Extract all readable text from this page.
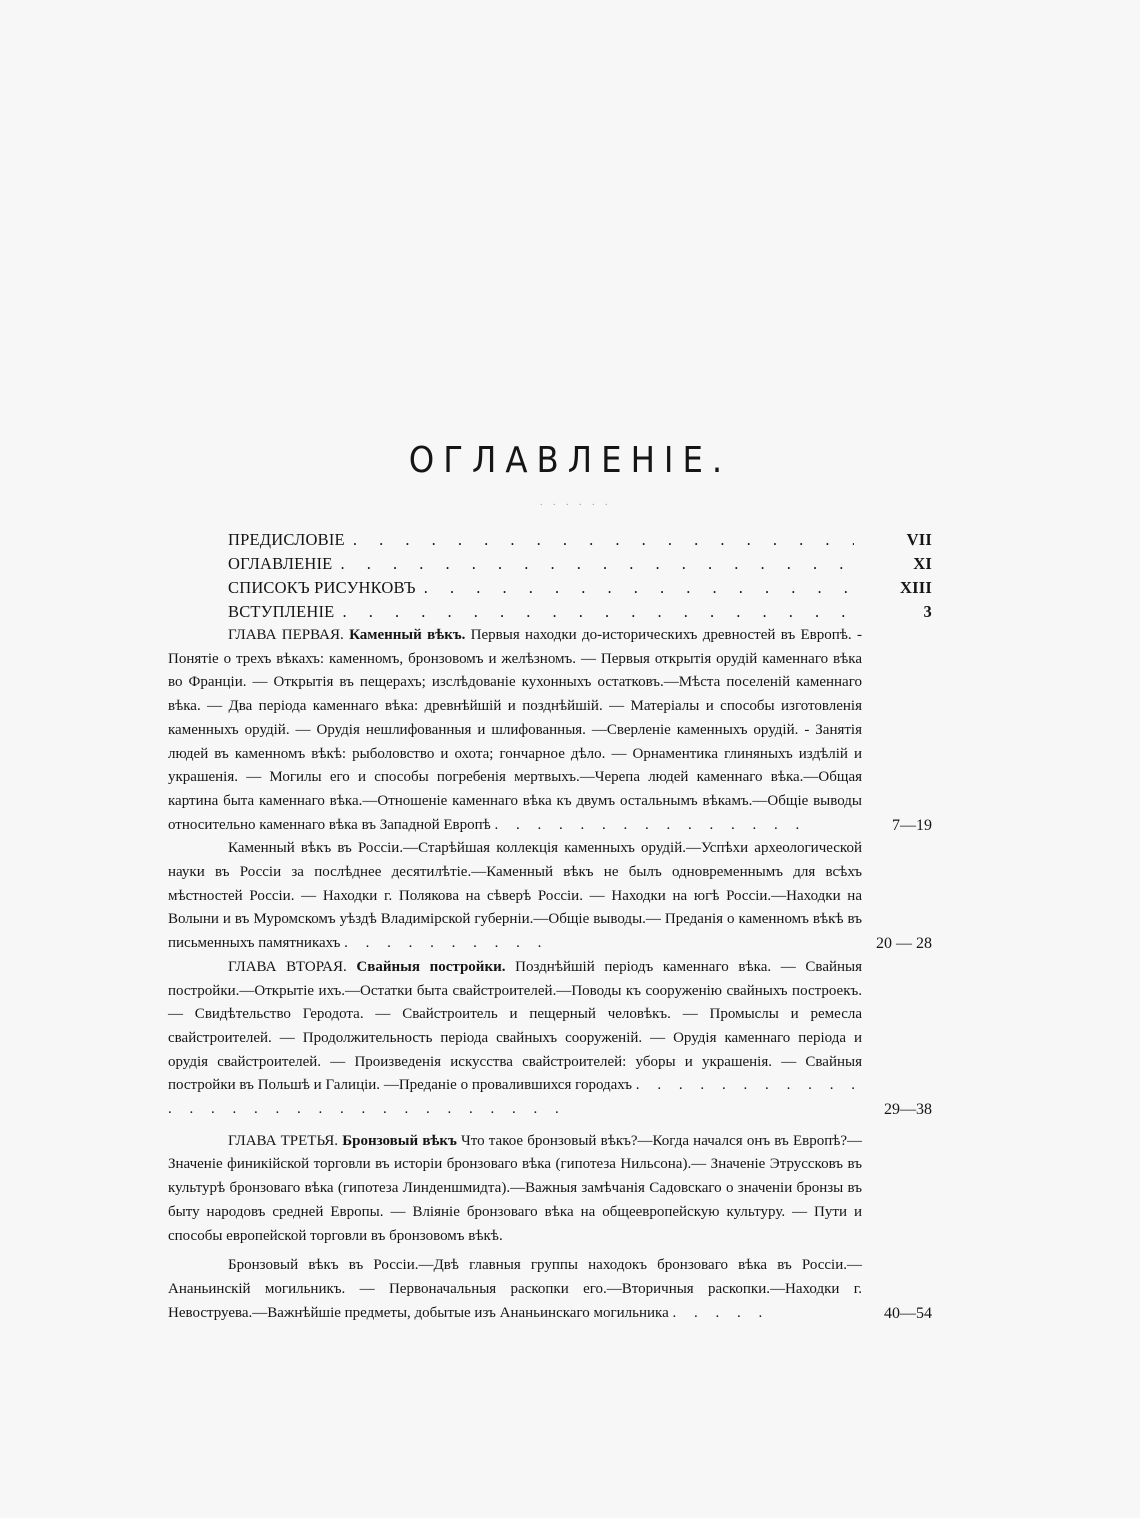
ОГЛАВЛЕНІЕ.
. . . . . .
ПРЕДИСЛОВІЕ . . .	VII
ОГЛАВЛЕНІЕ . . .	XI
СПИСОКЪ РИСУНКОВЪ . . .	XIII
ВСТУПЛЕНІЕ . . .	3
ГЛАВА ПЕРВАЯ. Каменный вѣкъ. Первыя находки до-историческихъ древностей въ Европѣ. - Понятіе о трехъ вѣкахъ: каменномъ, бронзовомъ и желѣзномъ. — Первыя открытія орудій каменнаго вѣка во Франціи. — Открытія въ пещерахъ; изслѣдованіе кухонныхъ остатковъ.—Мѣста поселеній каменнаго вѣка. — Два періода каменнаго вѣка: древнѣйшій и позднѣйшій. — Матеріалы и способы изготовленія каменныхъ орудій. — Орудія нешлифованныя и шлифованныя. —Сверленіе каменныхъ орудій. - Занятія людей въ каменномъ вѣкѣ: рыболовство и охота; гончарное дѣло. — Орнаментика глиняныхъ издѣлій и украшенія. — Могилы его и способы погребенія мертвыхъ.—Черепа людей каменнаго вѣка.—Общая картина быта каменнаго вѣка.—Отношеніе каменнаго вѣка къ двумъ остальнымъ вѣкамъ.—Общіе выводы относительно каменнаго вѣка въ Западной Европѣ . . . . . . . . . . . . . . .	7—19
Каменный вѣкъ въ Россіи.—Старѣйшая коллекція каменныхъ орудій.—Успѣхи археологической науки въ Россіи за послѣднее десятилѣтіе.—Каменный вѣкъ не былъ одновременнымъ для всѣхъ мѣстностей Россіи. — Находки г. Полякова на сѣверѣ Россіи. — Находки на югѣ Россіи.—Находки на Волыни и въ Муромскомъ уѣздѣ Владимірской губерніи.—Общіе выводы.— Преданія о каменномъ вѣкѣ въ письменныхъ памятникахъ . . . . . . . . . .	20 — 28
ГЛАВА ВТОРАЯ. Свайныя постройки. Позднѣйшій періодъ каменнаго вѣка. — Свайныя постройки.—Открытіе ихъ.—Остатки быта свайстроителей.—Поводы къ сооруженію свайныхъ построекъ. — Свидѣтельство Геродота. — Свайстроитель и пещерный человѣкъ. — Промыслы и ремесла свайстроителей. — Продолжительность періода свайныхъ сооруженій. — Орудія каменнаго періода и орудія свайстроителей. — Произведенія искусства свайстроителей: уборы и украшенія. — Свайныя постройки въ Польшѣ и Галиціи. —Преданіе о провалившихся городахъ . . . . . . . . . . . . . . . . . . . . . . . . . . . . . .	29—38
ГЛАВА ТРЕТЬЯ. Бронзовый вѣкъ Что такое бронзовый вѣкъ?—Когда начался онъ въ Европѣ?—Значеніе финикійской торговли въ исторіи бронзоваго вѣка (гипотеза Нильсона).— Значеніе Этруссковъ въ культурѣ бронзоваго вѣка (гипотеза Линденшмидта).—Важныя замѣчанія Садовскаго о значеніи бронзы въ быту народовъ средней Европы. — Вліяніе бронзоваго вѣка на общеевропейскую культуру. — Пути и способы европейской торговли въ бронзовомъ вѣкѣ.
Бронзовый вѣкъ въ Россіи.—Двѣ главныя группы находокъ бронзоваго вѣка въ Россіи.— Ананьинскій могильникъ. — Первоначальныя раскопки его.—Вторичныя раскопки.—Находки г. Невоструева.—Важнѣйшіе предметы, добытые изъ Ананьинскаго могильника . . . . .	40—54
